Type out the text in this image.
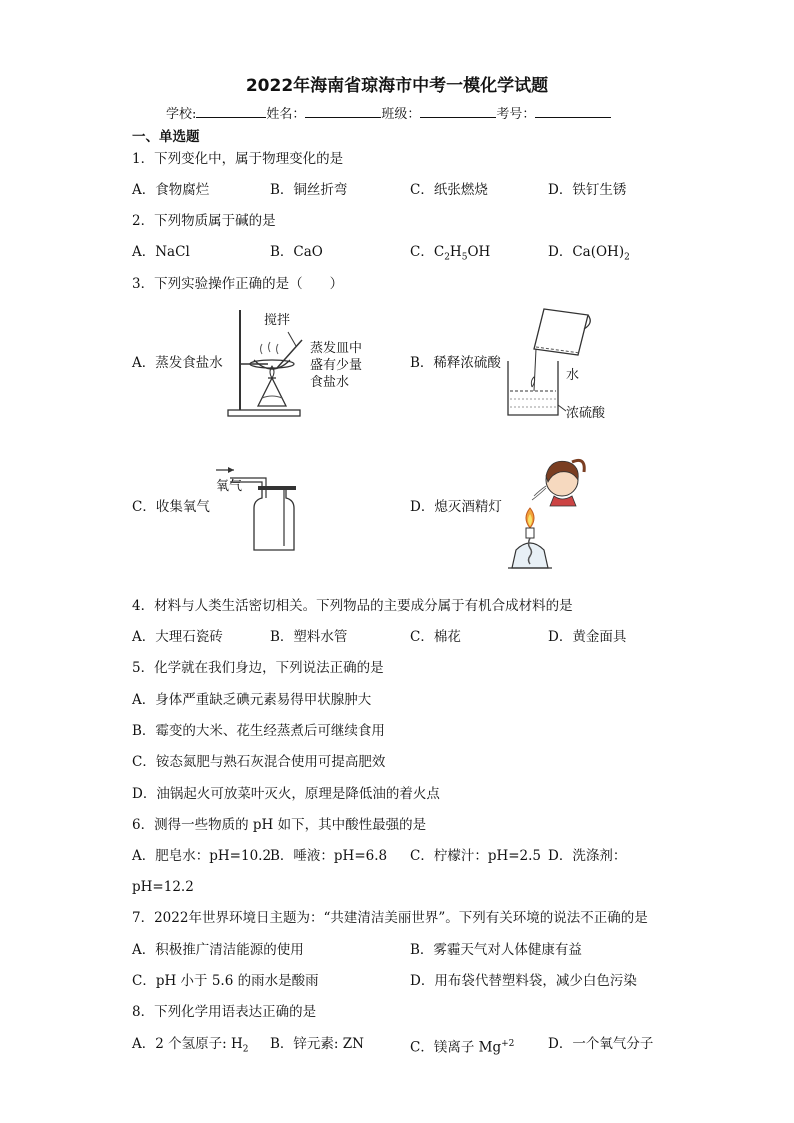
2022年海南省琼海市中考一模化学试题
学校:	姓名：	班级：	考号：
一、单选题
1．下列变化中，属于物理变化的是
A．食物腐烂	B．铜丝折弯	C．纸张燃烧	D．铁钉生锈
2．下列物质属于碱的是
A．NaCl	B．CaO	C．$C_2H_5OH$	D．$Ca(OH)_2$
3．下列实验操作正确的是（　　）
A．蒸发食盐水	B．稀释浓硫酸
C．收集氧气	D．熄灭酒精灯
搅拌
蒸发皿中
盛有少量
食盐水	水
浓硫酸
氧气
4．材料与人类生活密切相关。下列物品的主要成分属于有机合成材料的是
A．大理石瓷砖	B．塑料水管	C．棉花	D．黄金面具
5．化学就在我们身边，下列说法正确的是
A．身体严重缺乏碘元素易得甲状腺肿大
B．霉变的大米、花生经蒸煮后可继续食用
C．铵态氮肥与熟石灰混合使用可提高肥效
D．油锅起火可放菜叶灭火，原理是降低油的着火点
6．测得一些物质的 pH 如下，其中酸性最强的是
A．肥皂水：pH=10.2
B．唾液：pH=6.8 C．柠檬汁：pH=2.5 D．洗涤剂：
pH=12.2
7．2022年世界环境日主题为：“共建清洁美丽世界”。下列有关环境的说法不正确的是
A．积极推广清洁能源的使用	B．雾霾天气对人体健康有益
C．pH 小于 5.6 的雨水是酸雨	D．用布袋代替塑料袋，减少白色污染
8．下列化学用语表达正确的是
A．2 个氢原子: $H_2$ B．锌元素: ZN	C．镁离子 $Mg^{+2}$ D．一个氧气分子
